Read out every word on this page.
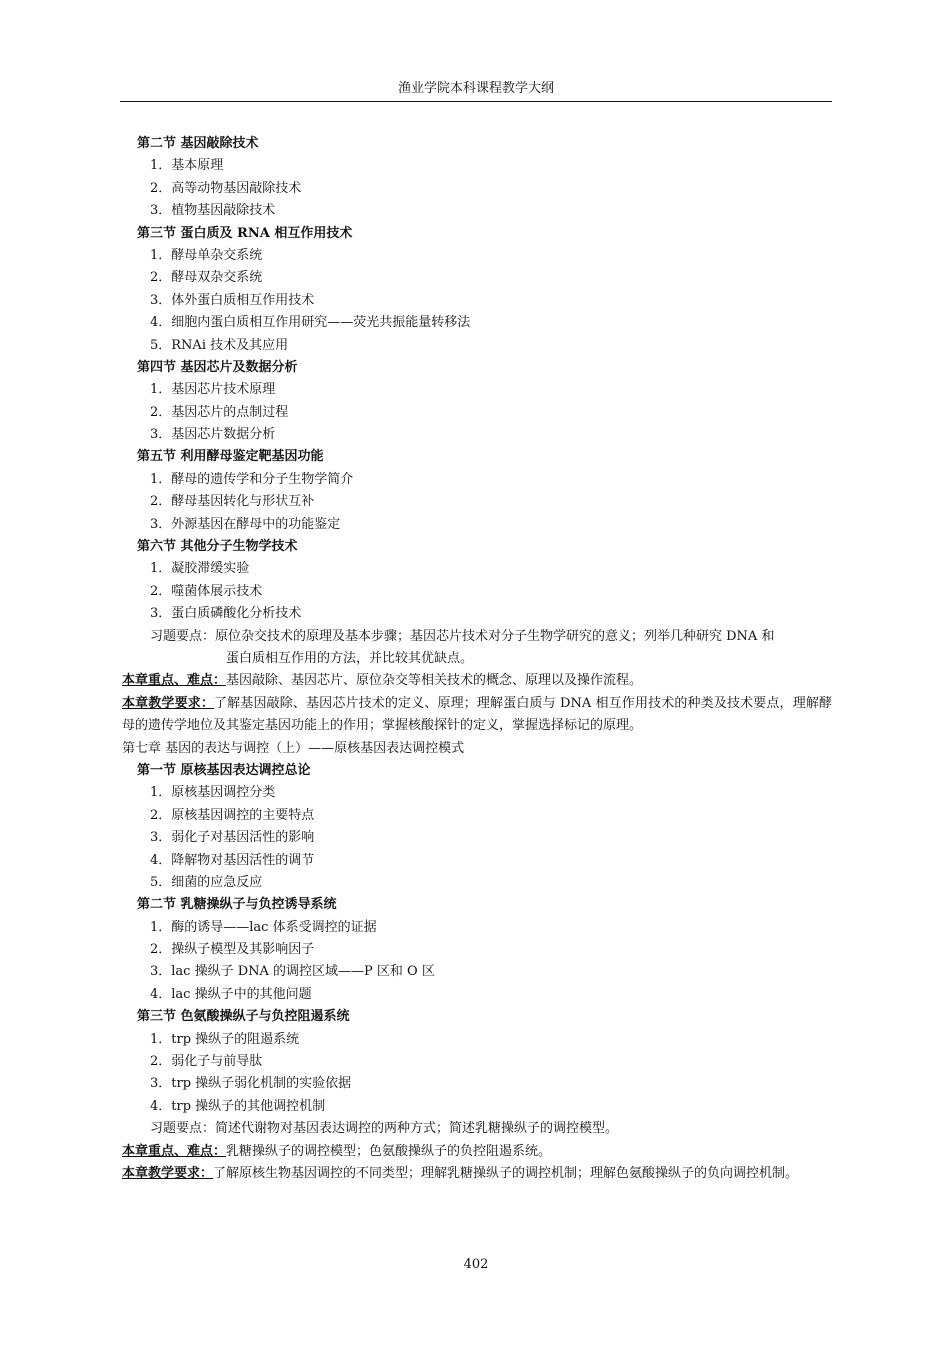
渔业学院本科课程教学大纲
第二节 基因敲除技术
1．基本原理
2．高等动物基因敲除技术
3．植物基因敲除技术
第三节 蛋白质及 RNA 相互作用技术
1．酵母单杂交系统
2．酵母双杂交系统
3．体外蛋白质相互作用技术
4．细胞内蛋白质相互作用研究——荧光共振能量转移法
5．RNAi 技术及其应用
第四节 基因芯片及数据分析
1．基因芯片技术原理
2．基因芯片的点制过程
3．基因芯片数据分析
第五节 利用酵母鉴定靶基因功能
1．酵母的遗传学和分子生物学简介
2．酵母基因转化与形状互补
3．外源基因在酵母中的功能鉴定
第六节 其他分子生物学技术
1．凝胶滞缓实验
2．噬菌体展示技术
3．蛋白质磷酸化分析技术
习题要点：原位杂交技术的原理及基本步骤；基因芯片技术对分子生物学研究的意义；列举几种研究 DNA 和
蛋白质相互作用的方法，并比较其优缺点。
本章重点、难点：基因敲除、基因芯片、原位杂交等相关技术的概念、原理以及操作流程。
本章教学要求：了解基因敲除、基因芯片技术的定义、原理；理解蛋白质与 DNA 相互作用技术的种类及技术要点，理解酵母的遗传学地位及其鉴定基因功能上的作用；掌握核酸探针的定义，掌握选择标记的原理。
第七章 基因的表达与调控（上）——原核基因表达调控模式
第一节 原核基因表达调控总论
1．原核基因调控分类
2．原核基因调控的主要特点
3．弱化子对基因活性的影响
4．降解物对基因活性的调节
5．细菌的应急反应
第二节 乳糖操纵子与负控诱导系统
1．酶的诱导——lac 体系受调控的证据
2．操纵子模型及其影响因子
3．lac 操纵子 DNA 的调控区域——P 区和 O 区
4．lac 操纵子中的其他问题
第三节 色氨酸操纵子与负控阻遏系统
1．trp 操纵子的阻遏系统
2．弱化子与前导肽
3．trp 操纵子弱化机制的实验依据
4．trp 操纵子的其他调控机制
习题要点：简述代谢物对基因表达调控的两种方式；简述乳糖操纵子的调控模型。
本章重点、难点：乳糖操纵子的调控模型；色氨酸操纵子的负控阻遏系统。
本章教学要求：了解原核生物基因调控的不同类型；理解乳糖操纵子的调控机制；理解色氨酸操纵子的负向调控机制。
402
